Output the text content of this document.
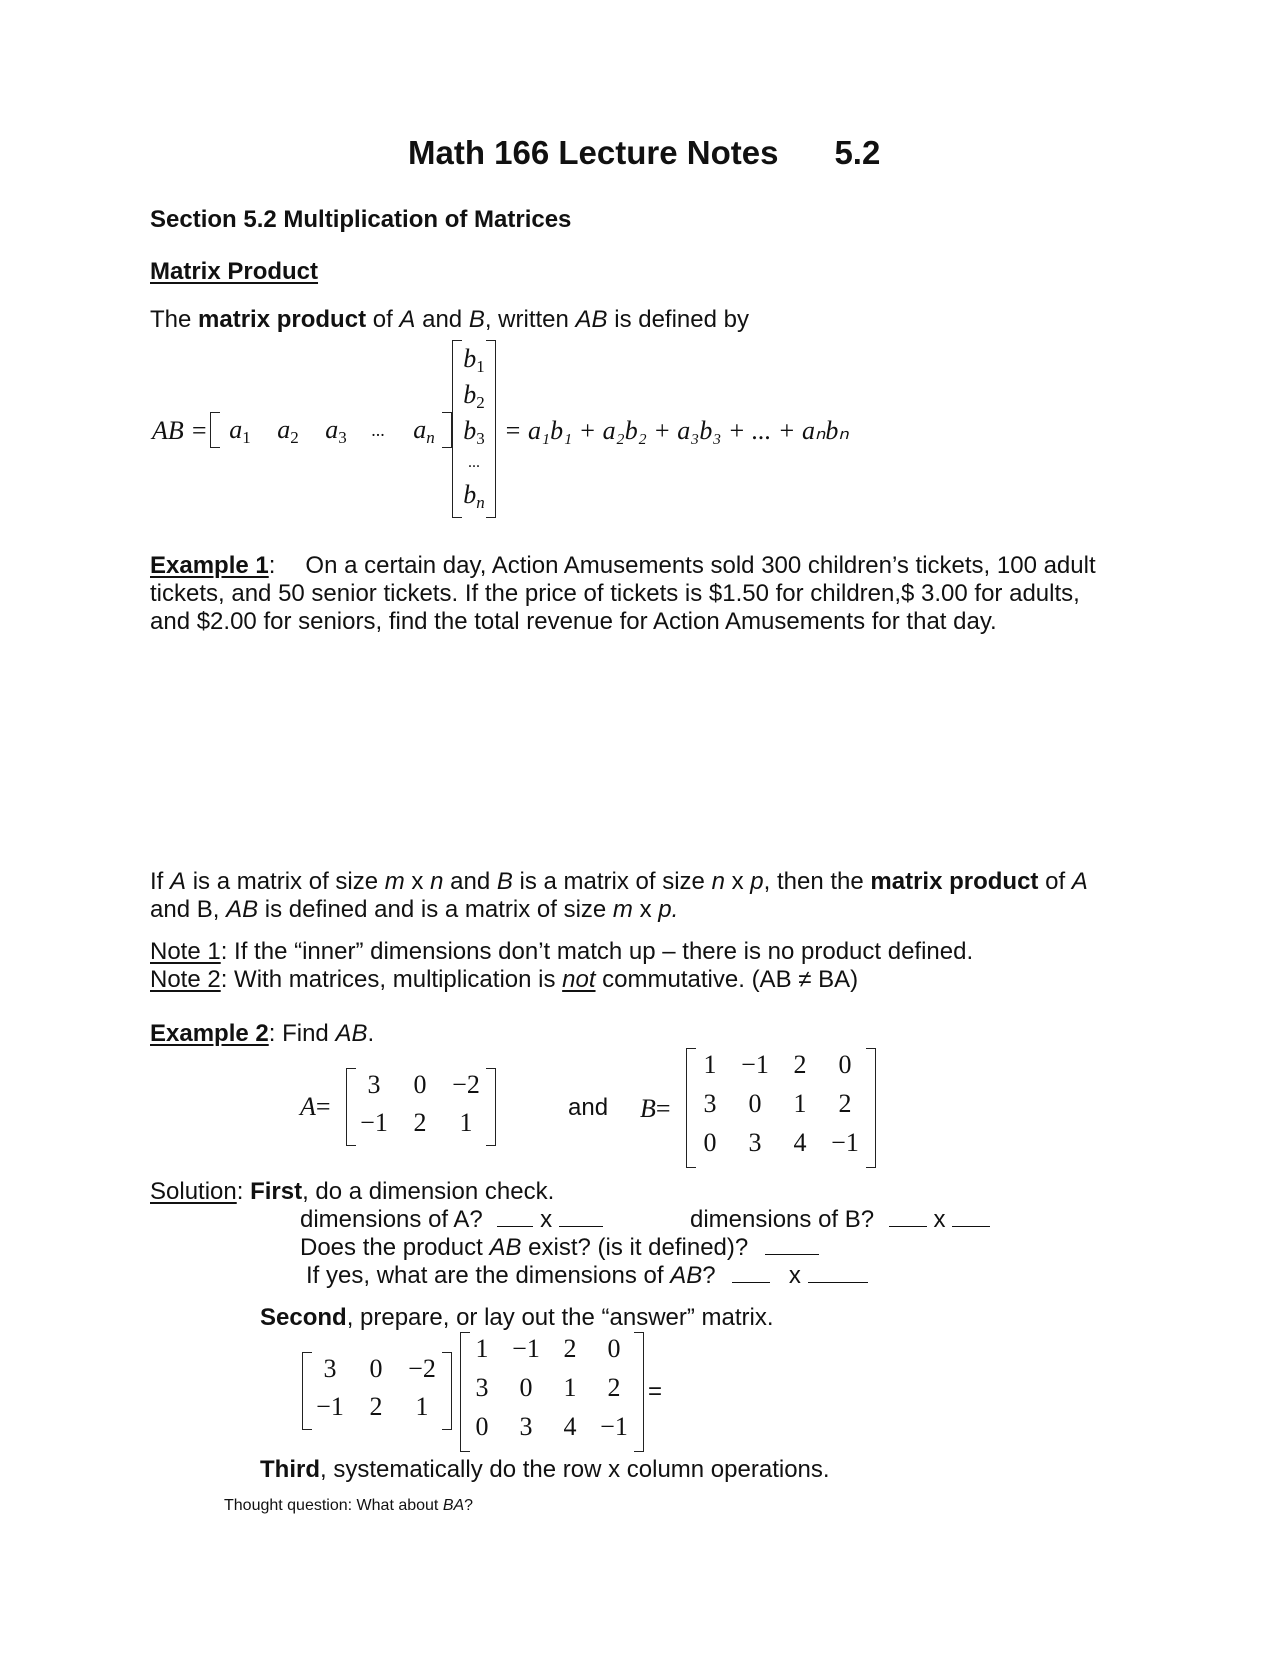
Math 166 Lecture Notes 5.2
Section 5.2 Multiplication of Matrices
Matrix Product
The matrix product of A and B, written AB is defined by
AB = $a_1$	$a_2$	$a_3$	...	$a_n$
$b_1$
$b_2$
$b_3$
...
$b_n$
= a₁b₁ + a₂b₂ + a₃b₃ + ... + aₙbₙ
Example 1: On a certain day, Action Amusements sold 300 children’s tickets, 100 adult
tickets, and 50 senior tickets. If the price of tickets is $1.50 for children,$ 3.00 for adults,
and $2.00 for seniors, find the total revenue for Action Amusements for that day.
If A is a matrix of size m x n and B is a matrix of size n x p, then the matrix product of A
and B, AB is defined and is a matrix of size m x p.
Note 1: If the “inner” dimensions don’t match up – there is no product defined.
Note 2: With matrices, multiplication is not commutative. (AB ≠ BA)
Example 2: Find AB.
A=
3	0 −2
−1 2	1
and B=
1 −1 2	0
3	0	1	2
0	3	4 −1
Solution: First, do a dimension check.
dimensions of A? x	dimensions of B? x
Does the product AB exist? (is it defined)?
If yes, what are the dimensions of AB?	x
Second, prepare, or lay out the “answer” matrix.
3	0 −2
−1 2	1
1 −1 2	0
3	0	1	2
0	3	4 −1
=
Third, systematically do the row x column operations.
Thought question: What about BA?
